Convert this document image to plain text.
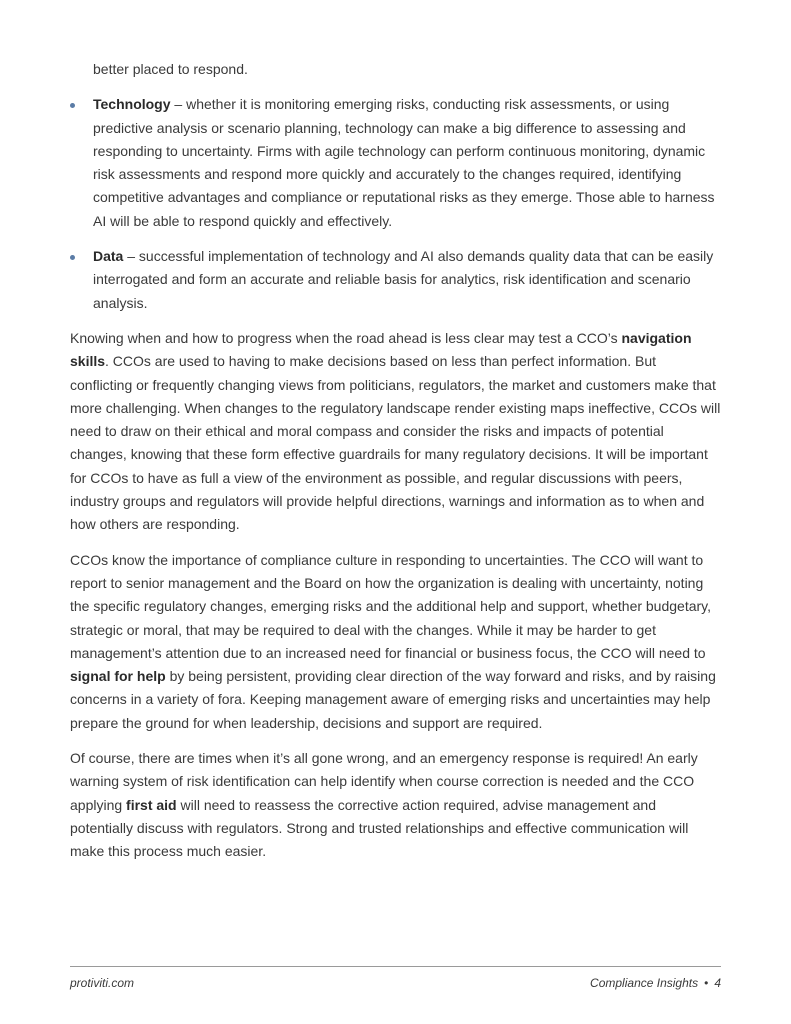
better placed to respond.

Technology – whether it is monitoring emerging risks, conducting risk assessments, or using predictive analysis or scenario planning, technology can make a big difference to assessing and responding to uncertainty. Firms with agile technology can perform continuous monitoring, dynamic risk assessments and respond more quickly and accurately to the changes required, identifying competitive advantages and compliance or reputational risks as they emerge. Those able to harness AI will be able to respond quickly and effectively.
Data – successful implementation of technology and AI also demands quality data that can be easily interrogated and form an accurate and reliable basis for analytics, risk identification and scenario analysis.

Knowing when and how to progress when the road ahead is less clear may test a CCO’s navigation skills. CCOs are used to having to make decisions based on less than perfect information. But conflicting or frequently changing views from politicians, regulators, the market and customers make that more challenging. When changes to the regulatory landscape render existing maps ineffective, CCOs will need to draw on their ethical and moral compass and consider the risks and impacts of potential changes, knowing that these form effective guardrails for many regulatory decisions. It will be important for CCOs to have as full a view of the environment as possible, and regular discussions with peers, industry groups and regulators will provide helpful directions, warnings and information as to when and how others are responding.

CCOs know the importance of compliance culture in responding to uncertainties. The CCO will want to report to senior management and the Board on how the organization is dealing with uncertainty, noting the specific regulatory changes, emerging risks and the additional help and support, whether budgetary, strategic or moral, that may be required to deal with the changes. While it may be harder to get management’s attention due to an increased need for financial or business focus, the CCO will need to signal for help by being persistent, providing clear direction of the way forward and risks, and by raising concerns in a variety of fora. Keeping management aware of emerging risks and uncertainties may help prepare the ground for when leadership, decisions and support are required.

Of course, there are times when it’s all gone wrong, and an emergency response is required! An early warning system of risk identification can help identify when course correction is needed and the CCO applying first aid will need to reassess the corrective action required, advise management and potentially discuss with regulators. Strong and trusted relationships and effective communication will make this process much easier.

protiviti.com	Compliance Insights • 4
